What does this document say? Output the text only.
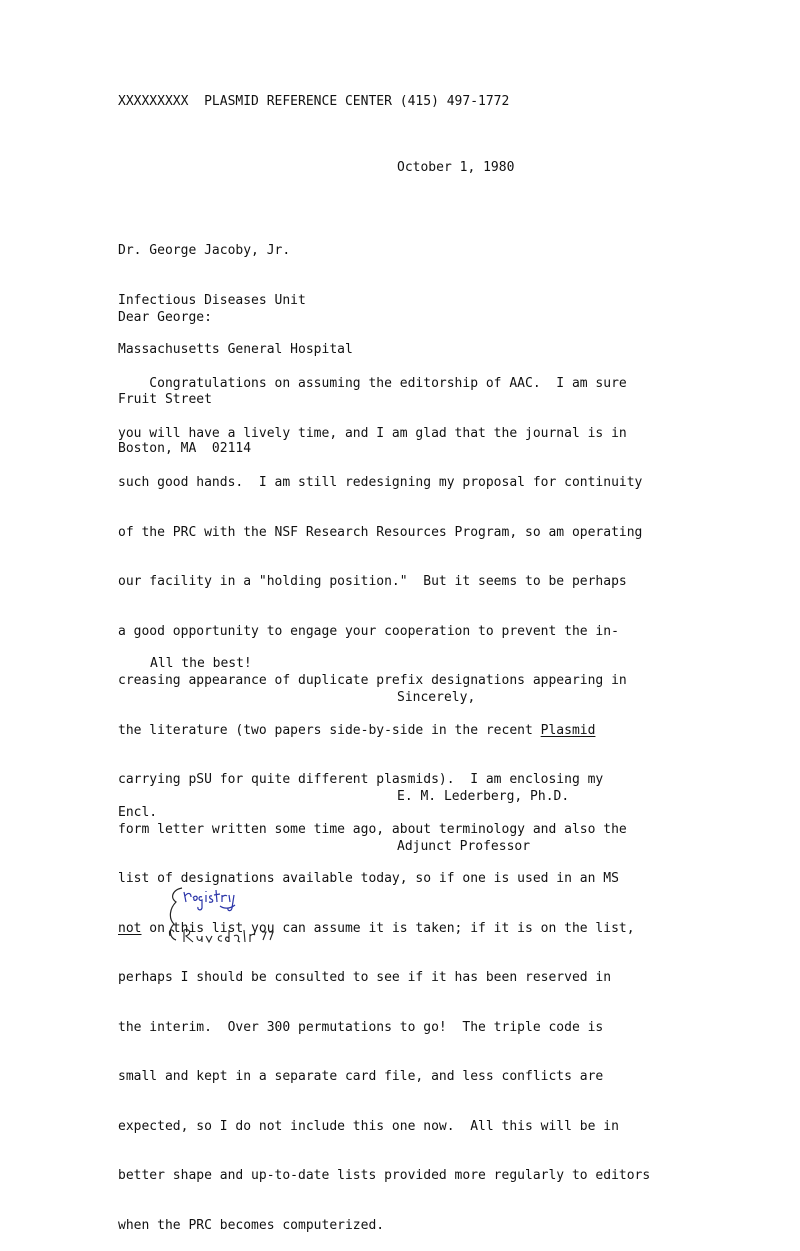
XXXXXXXXX  PLASMID REFERENCE CENTER (415) 497-1772
October 1, 1980

Dr. George Jacoby, Jr.

Infectious Diseases Unit

Massachusetts General Hospital

Fruit Street

Boston, MA  02114

Dear George:

Congratulations on assuming the editorship of AAC.  I am sure

you will have a lively time, and I am glad that the journal is in

such good hands.  I am still redesigning my proposal for continuity

of the PRC with the NSF Research Resources Program, so am operating

our facility in a "holding position."  But it seems to be perhaps

a good opportunity to engage your cooperation to prevent the in-

creasing appearance of duplicate prefix designations appearing in

the literature (two papers side-by-side in the recent Plasmid

carrying pSU for quite different plasmids).  I am enclosing my

form letter written some time ago, about terminology and also the

list of designations available today, so if one is used in an MS

not on this list you can assume it is taken; if it is on the list,

perhaps I should be consulted to see if it has been reserved in

the interim.  Over 300 permutations to go!  The triple code is

small and kept in a separate card file, and less conflicts are

expected, so I do not include this one now.  All this will be in

better shape and up-to-date lists provided more regularly to editors

when the PRC becomes computerized.

All the best!
Sincerely,

E. M. Lederberg, Ph.D.

Adjunct Professor

Encl.
